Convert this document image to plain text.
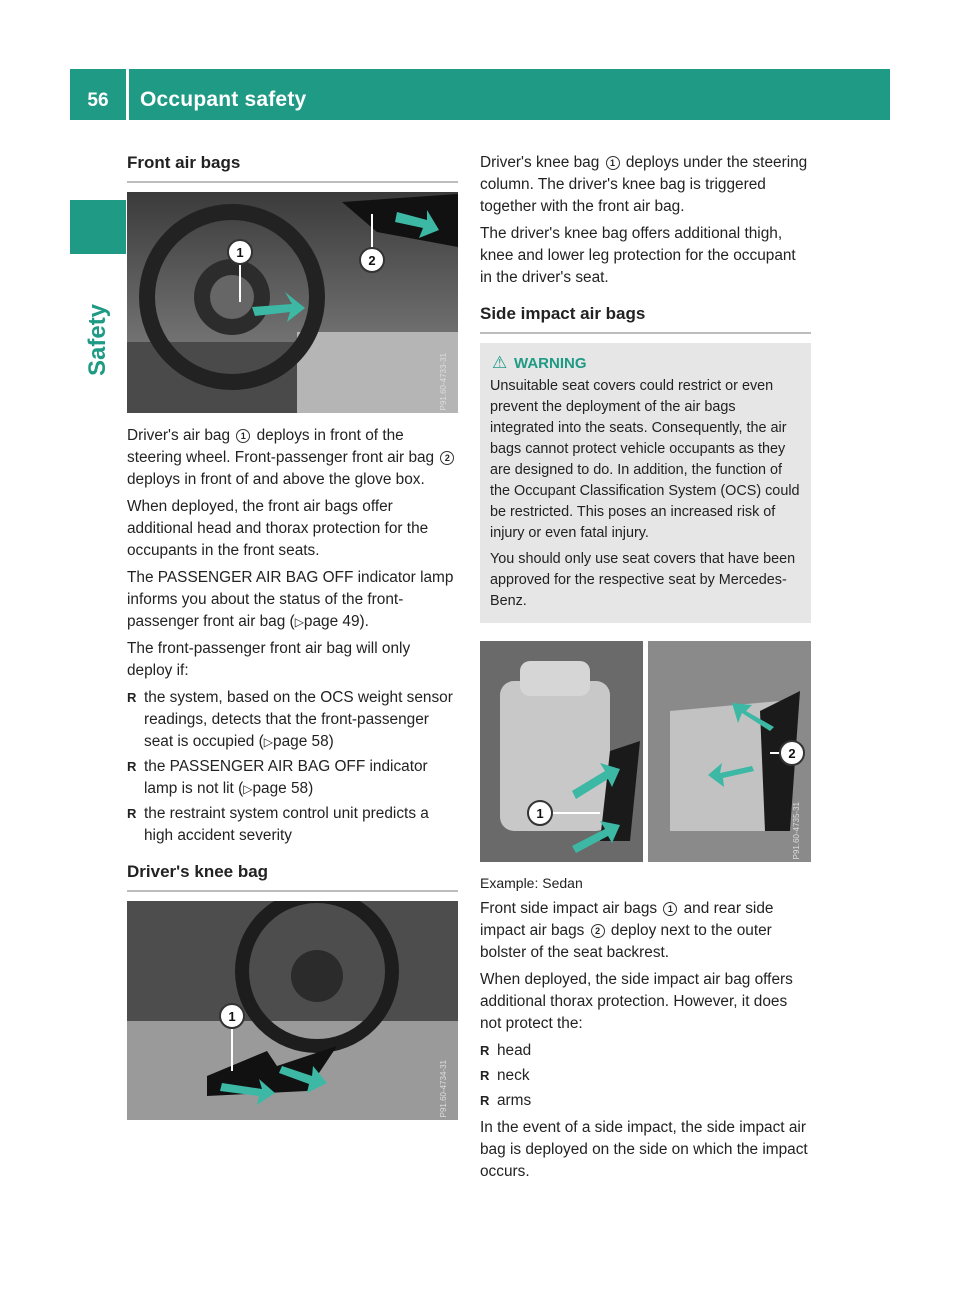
56	Occupant safety
Safety
Front air bags
1
2
P91.60-4733-31

Driver's air bag 1 deploys in front of the steering wheel. Front-passenger front air bag 2 deploys in front of and above the glove box.

When deployed, the front air bags offer additional head and thorax protection for the occupants in the front seats.

The PASSENGER AIR BAG OFF indicator lamp informs you about the status of the front-passenger front air bag (▷page 49).

The front-passenger front air bag will only deploy if:

R the system, based on the OCS weight sensor readings, detects that the front-passenger seat is occupied (▷page 58)
R the PASSENGER AIR BAG OFF indicator lamp is not lit (▷page 58)
R the restraint system control unit predicts a high accident severity
Driver's knee bag
1
P91.60-4734-31

Driver's knee bag 1 deploys under the steering column. The driver's knee bag is triggered together with the front air bag.

The driver's knee bag offers additional thigh, knee and lower leg protection for the occupant in the driver's seat.

Side impact air bags
⚠ WARNING

Unsuitable seat covers could restrict or even prevent the deployment of the air bags integrated into the seats. Consequently, the air bags cannot protect vehicle occupants as they are designed to do. In addition, the function of the Occupant Classification System (OCS) could be restricted. This poses an increased risk of injury or even fatal injury.

You should only use seat covers that have been approved for the respective seat by Mercedes-Benz.

1
2
P91.60-4735-31
Example: Sedan

Front side impact air bags 1 and rear side impact air bags 2 deploy next to the outer bolster of the seat backrest.

When deployed, the side impact air bag offers additional thorax protection. However, it does not protect the:

R head
R neck
R arms

In the event of a side impact, the side impact air bag is deployed on the side on which the impact occurs.
